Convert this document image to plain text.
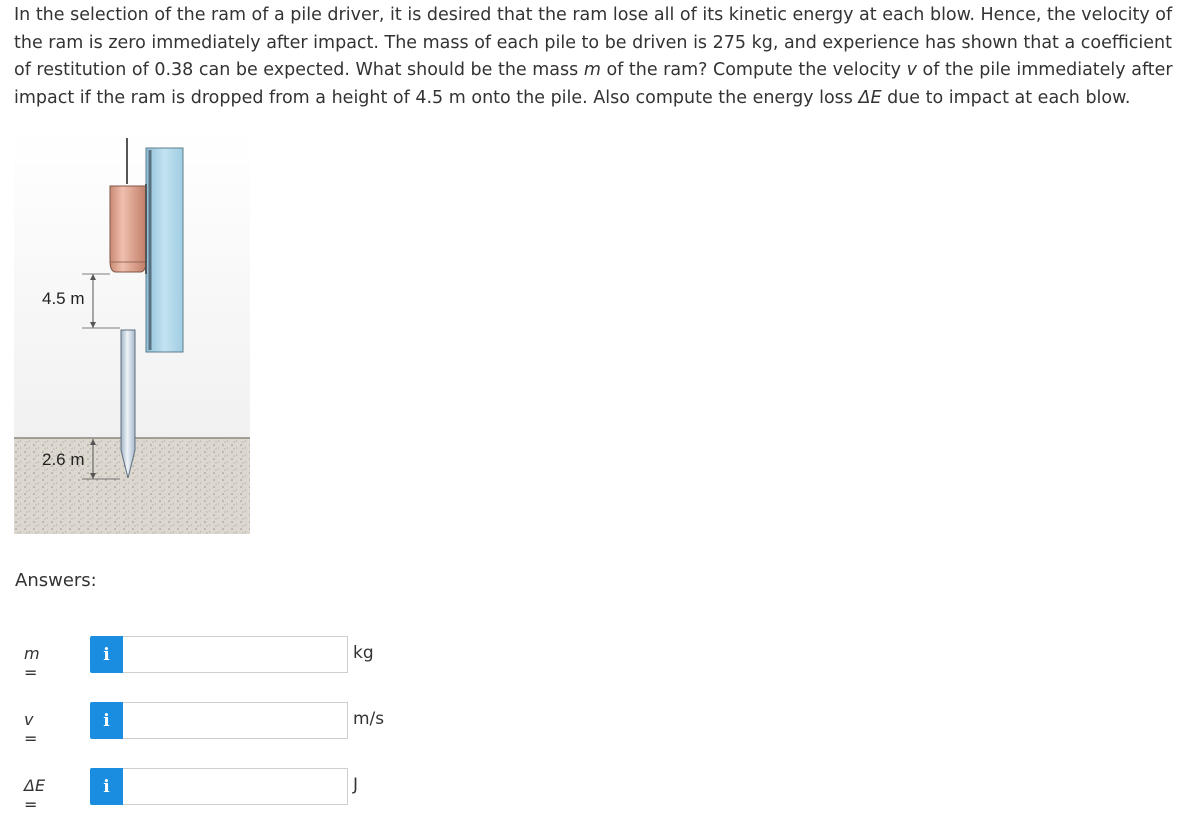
In the selection of the ram of a pile driver, it is desired that the ram lose all of its kinetic energy at each blow. Hence, the velocity of the ram is zero immediately after impact. The mass of each pile to be driven is 275 kg, and experience has shown that a coefficient of restitution of 0.38 can be expected. What should be the mass m of the ram? Compute the velocity v of the pile immediately after impact if the ram is dropped from a height of 4.5 m onto the pile. Also compute the energy loss ΔE due to impact at each blow.

4.5 m
2.6 m
Answers:
m =
i	kg
v =
i	m/s
ΔE =
i	J
